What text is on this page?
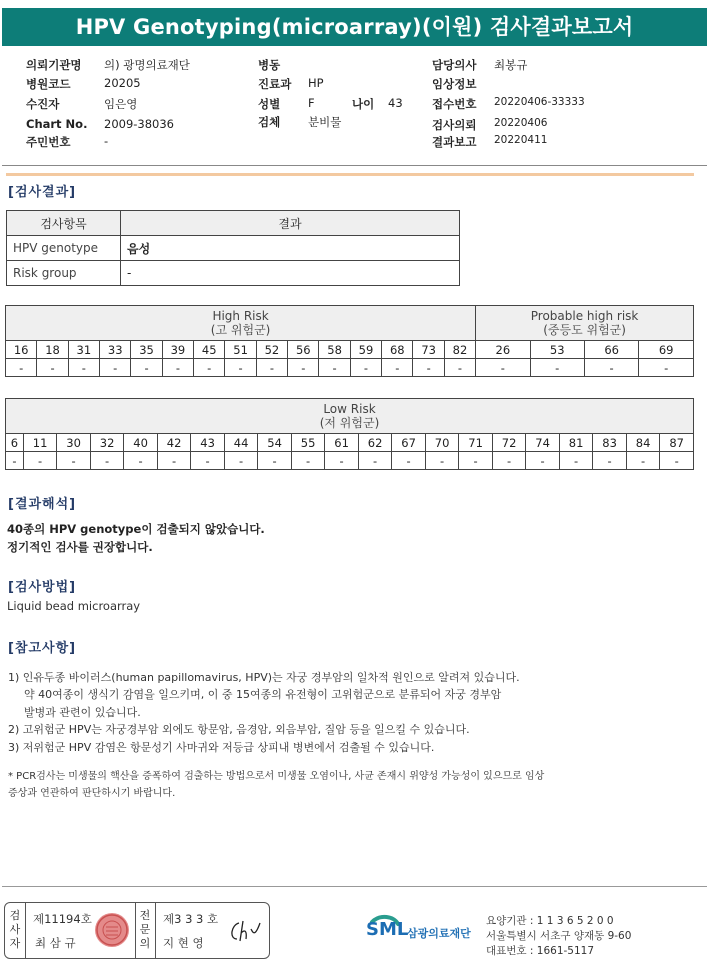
HPV Genotyping(microarray)(이원) 검사결과보고서
의뢰기관명 의) 광명의료재단
병원코드	20205
수진자	임은영
Chart No. 2009-38036
주민번호	-
병동
진료과 HP
성별 F	나이 43
검체 분비물
담당의사 최봉규
임상정보
접수번호 20220406-33333
검사의뢰 20220406
결과보고 20220411
[검사결과]
검사항목	결과
HPV genotype	음성
Risk group	-
High Risk
(고 위험군)															Probable high risk
(중등도 위험군)			
16	18	31	33	35	39	45	51	52	56	58	59	68	73	82	26	53	66	69
-	-	-	-	-	-	-	-	-	-	-	-	-	-	-	-	-	-	-
Low Risk
(저 위험군)																				
6	11	30	32	40	42	43	44	54	55	61	62	67	70	71	72	74	81	83	84	87
-	-	-	-	-	-	-	-	-	-	-	-	-	-	-	-	-	-	-	-	-
[결과해석]
40종의 HPV genotype이 검출되지 않았습니다.
정기적인 검사를 권장합니다.
[검사방법]
Liquid bead microarray
[참고사항]
1) 인유두종 바이러스(human papillomavirus, HPV)는 자궁 경부암의 일차적 원인으로 알려져 있습니다.
약 40여종이 생식기 감염을 일으키며, 이 중 15여종의 유전형이 고위험군으로 분류되어 자궁 경부암
발병과 관련이 있습니다.
2) 고위험군 HPV는 자궁경부암 외에도 항문암, 음경암, 외음부암, 질암 등을 일으킬 수 있습니다.
3) 저위험군 HPV 감염은 항문성기 사마귀와 저등급 상피내 병변에서 검출될 수 있습니다.
* PCR검사는 미생물의 핵산을 증폭하여 검출하는 방법으로서 미생물 오염이나, 사균 존재시 위양성 가능성이 있으므로 임상
증상과 연관하여 판단하시기 바랍니다.
검사자
제11194호
최 삼 규
전문의
제3 3 3 호
지 현 영
SML
삼광의료재단
요양기관 : 1 1 3 6 5 2 0 0
서울특별시 서초구 양재동 9-60
대표번호 : 1661-5117
